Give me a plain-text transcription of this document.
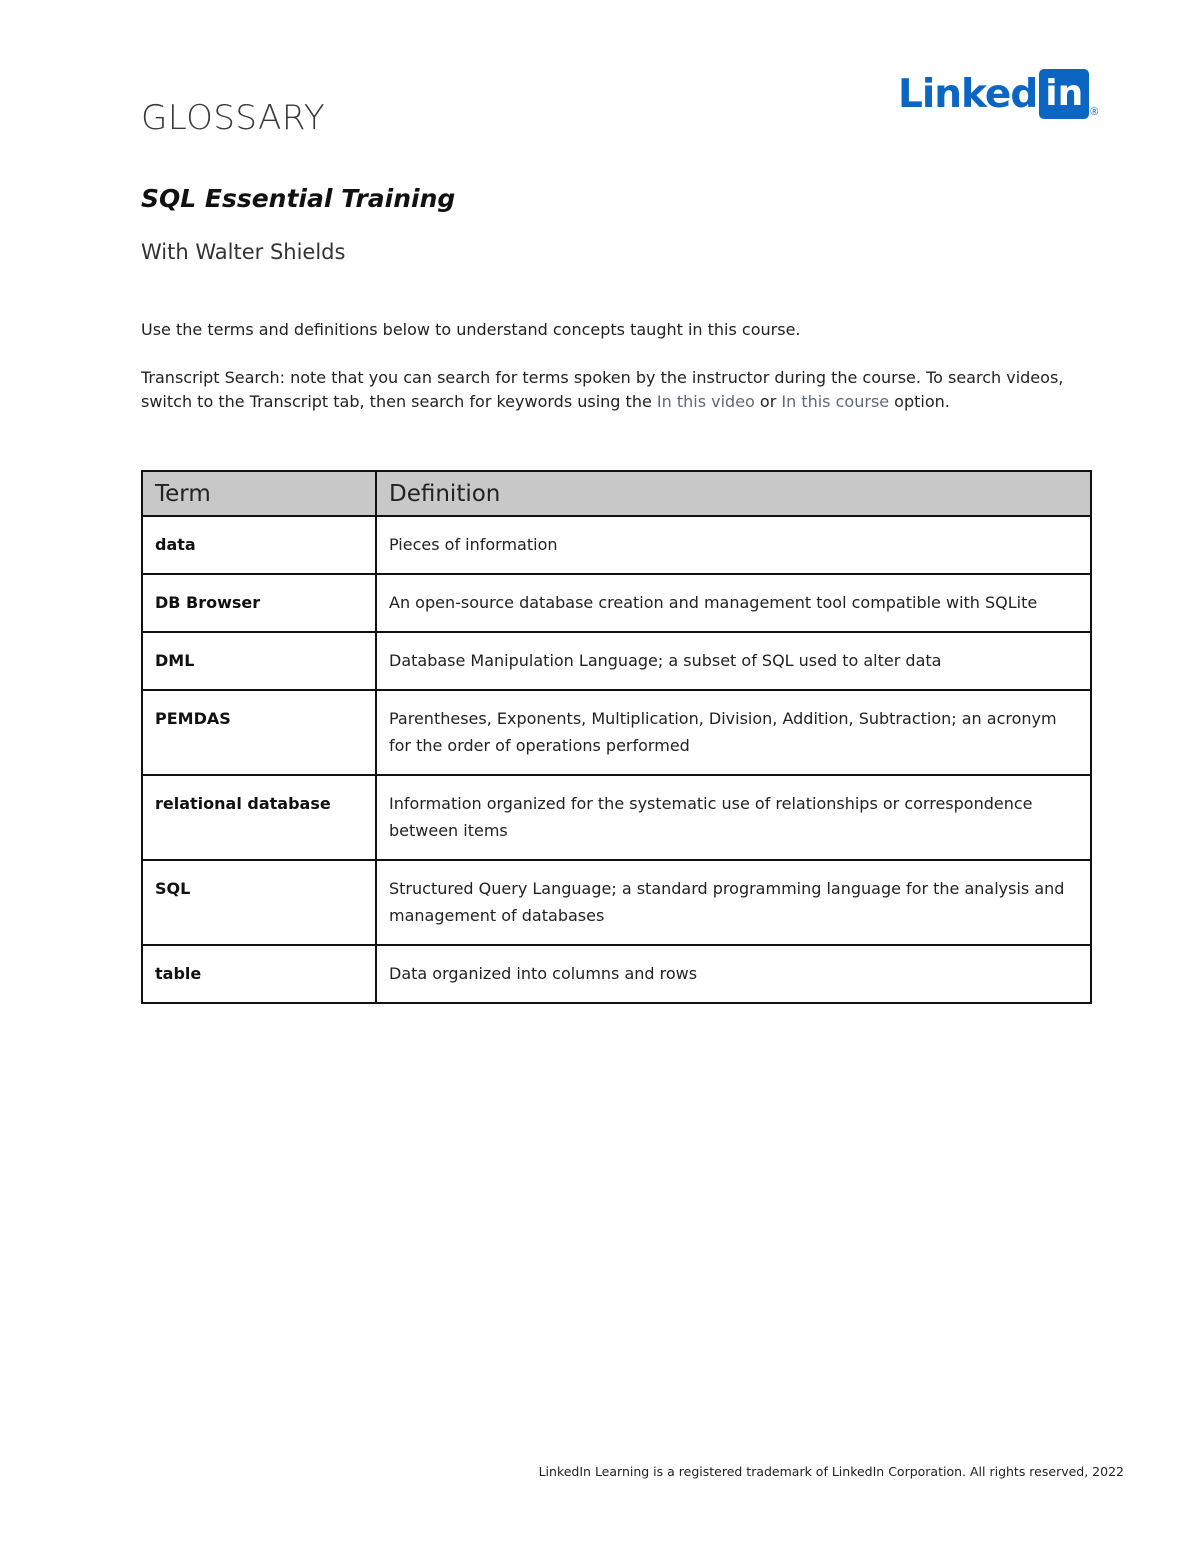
GLOSSARY
Linked in ®
SQL Essential Training
With Walter Shields
Use the terms and definitions below to understand concepts taught in this course.
Transcript Search: note that you can search for terms spoken by the instructor during the course. To search videos, switch to the Transcript tab, then search for keywords using the In this video or In this course option.
Term	Definition
data	Pieces of information
DB Browser	An open-source database creation and management tool compatible with SQLite
DML	Database Manipulation Language; a subset of SQL used to alter data
PEMDAS	Parentheses, Exponents, Multiplication, Division, Addition, Subtraction; an acronym for the order of operations performed
relational database	Information organized for the systematic use of relationships or correspondence between items
SQL	Structured Query Language; a standard programming language for the analysis and management of databases
table	Data organized into columns and rows
LinkedIn Learning is a registered trademark of LinkedIn Corporation. All rights reserved, 2022
